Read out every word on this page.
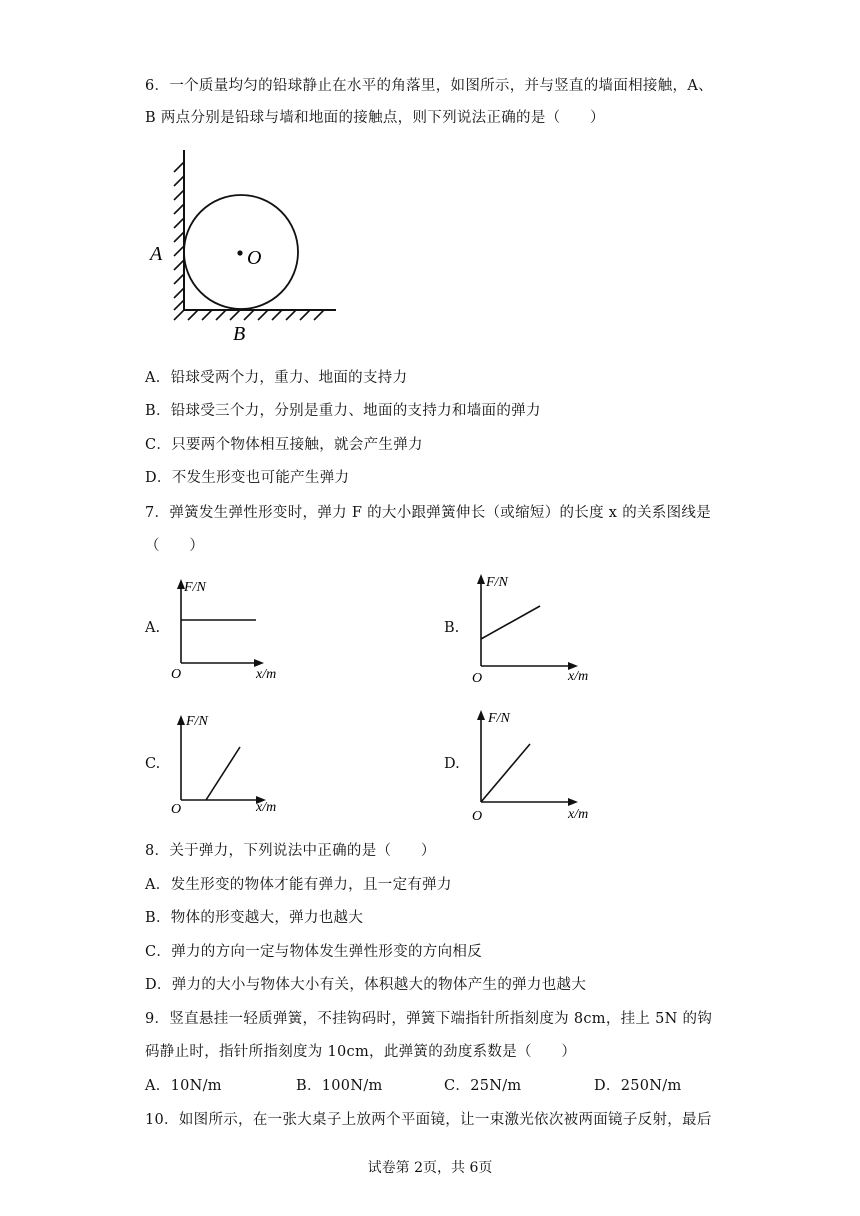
6．一个质量均匀的铅球静止在水平的角落里，如图所示，并与竖直的墙面相接触，A、
B 两点分别是铅球与墙和地面的接触点，则下列说法正确的是（　　）
O
A
B
A．铅球受两个力，重力、地面的支持力
B．铅球受三个力，分别是重力、地面的支持力和墙面的弹力
C．只要两个物体相互接触，就会产生弹力
D．不发生形变也可能产生弹力
7．弹簧发生弹性形变时，弹力 F 的大小跟弹簧伸长（或缩短）的长度 x 的关系图线是
（　　）
A.
F/N
x/m
O
B.
F/N
x/m
O
C.
F/N
x/m
O
D.
F/N
x/m
O
8．关于弹力，下列说法中正确的是（　　）
A．发生形变的物体才能有弹力，且一定有弹力
B．物体的形变越大，弹力也越大
C．弹力的方向一定与物体发生弹性形变的方向相反
D．弹力的大小与物体大小有关，体积越大的物体产生的弹力也越大
9．竖直悬挂一轻质弹簧，不挂钩码时，弹簧下端指针所指刻度为 8cm，挂上 5N 的钩
码静止时，指针所指刻度为 10cm，此弹簧的劲度系数是（　　）
A．10N/m	B．100N/m	C．25N/m	D．250N/m
10．如图所示，在一张大桌子上放两个平面镜，让一束激光依次被两面镜子反射，最后
试卷第 2页，共 6页
